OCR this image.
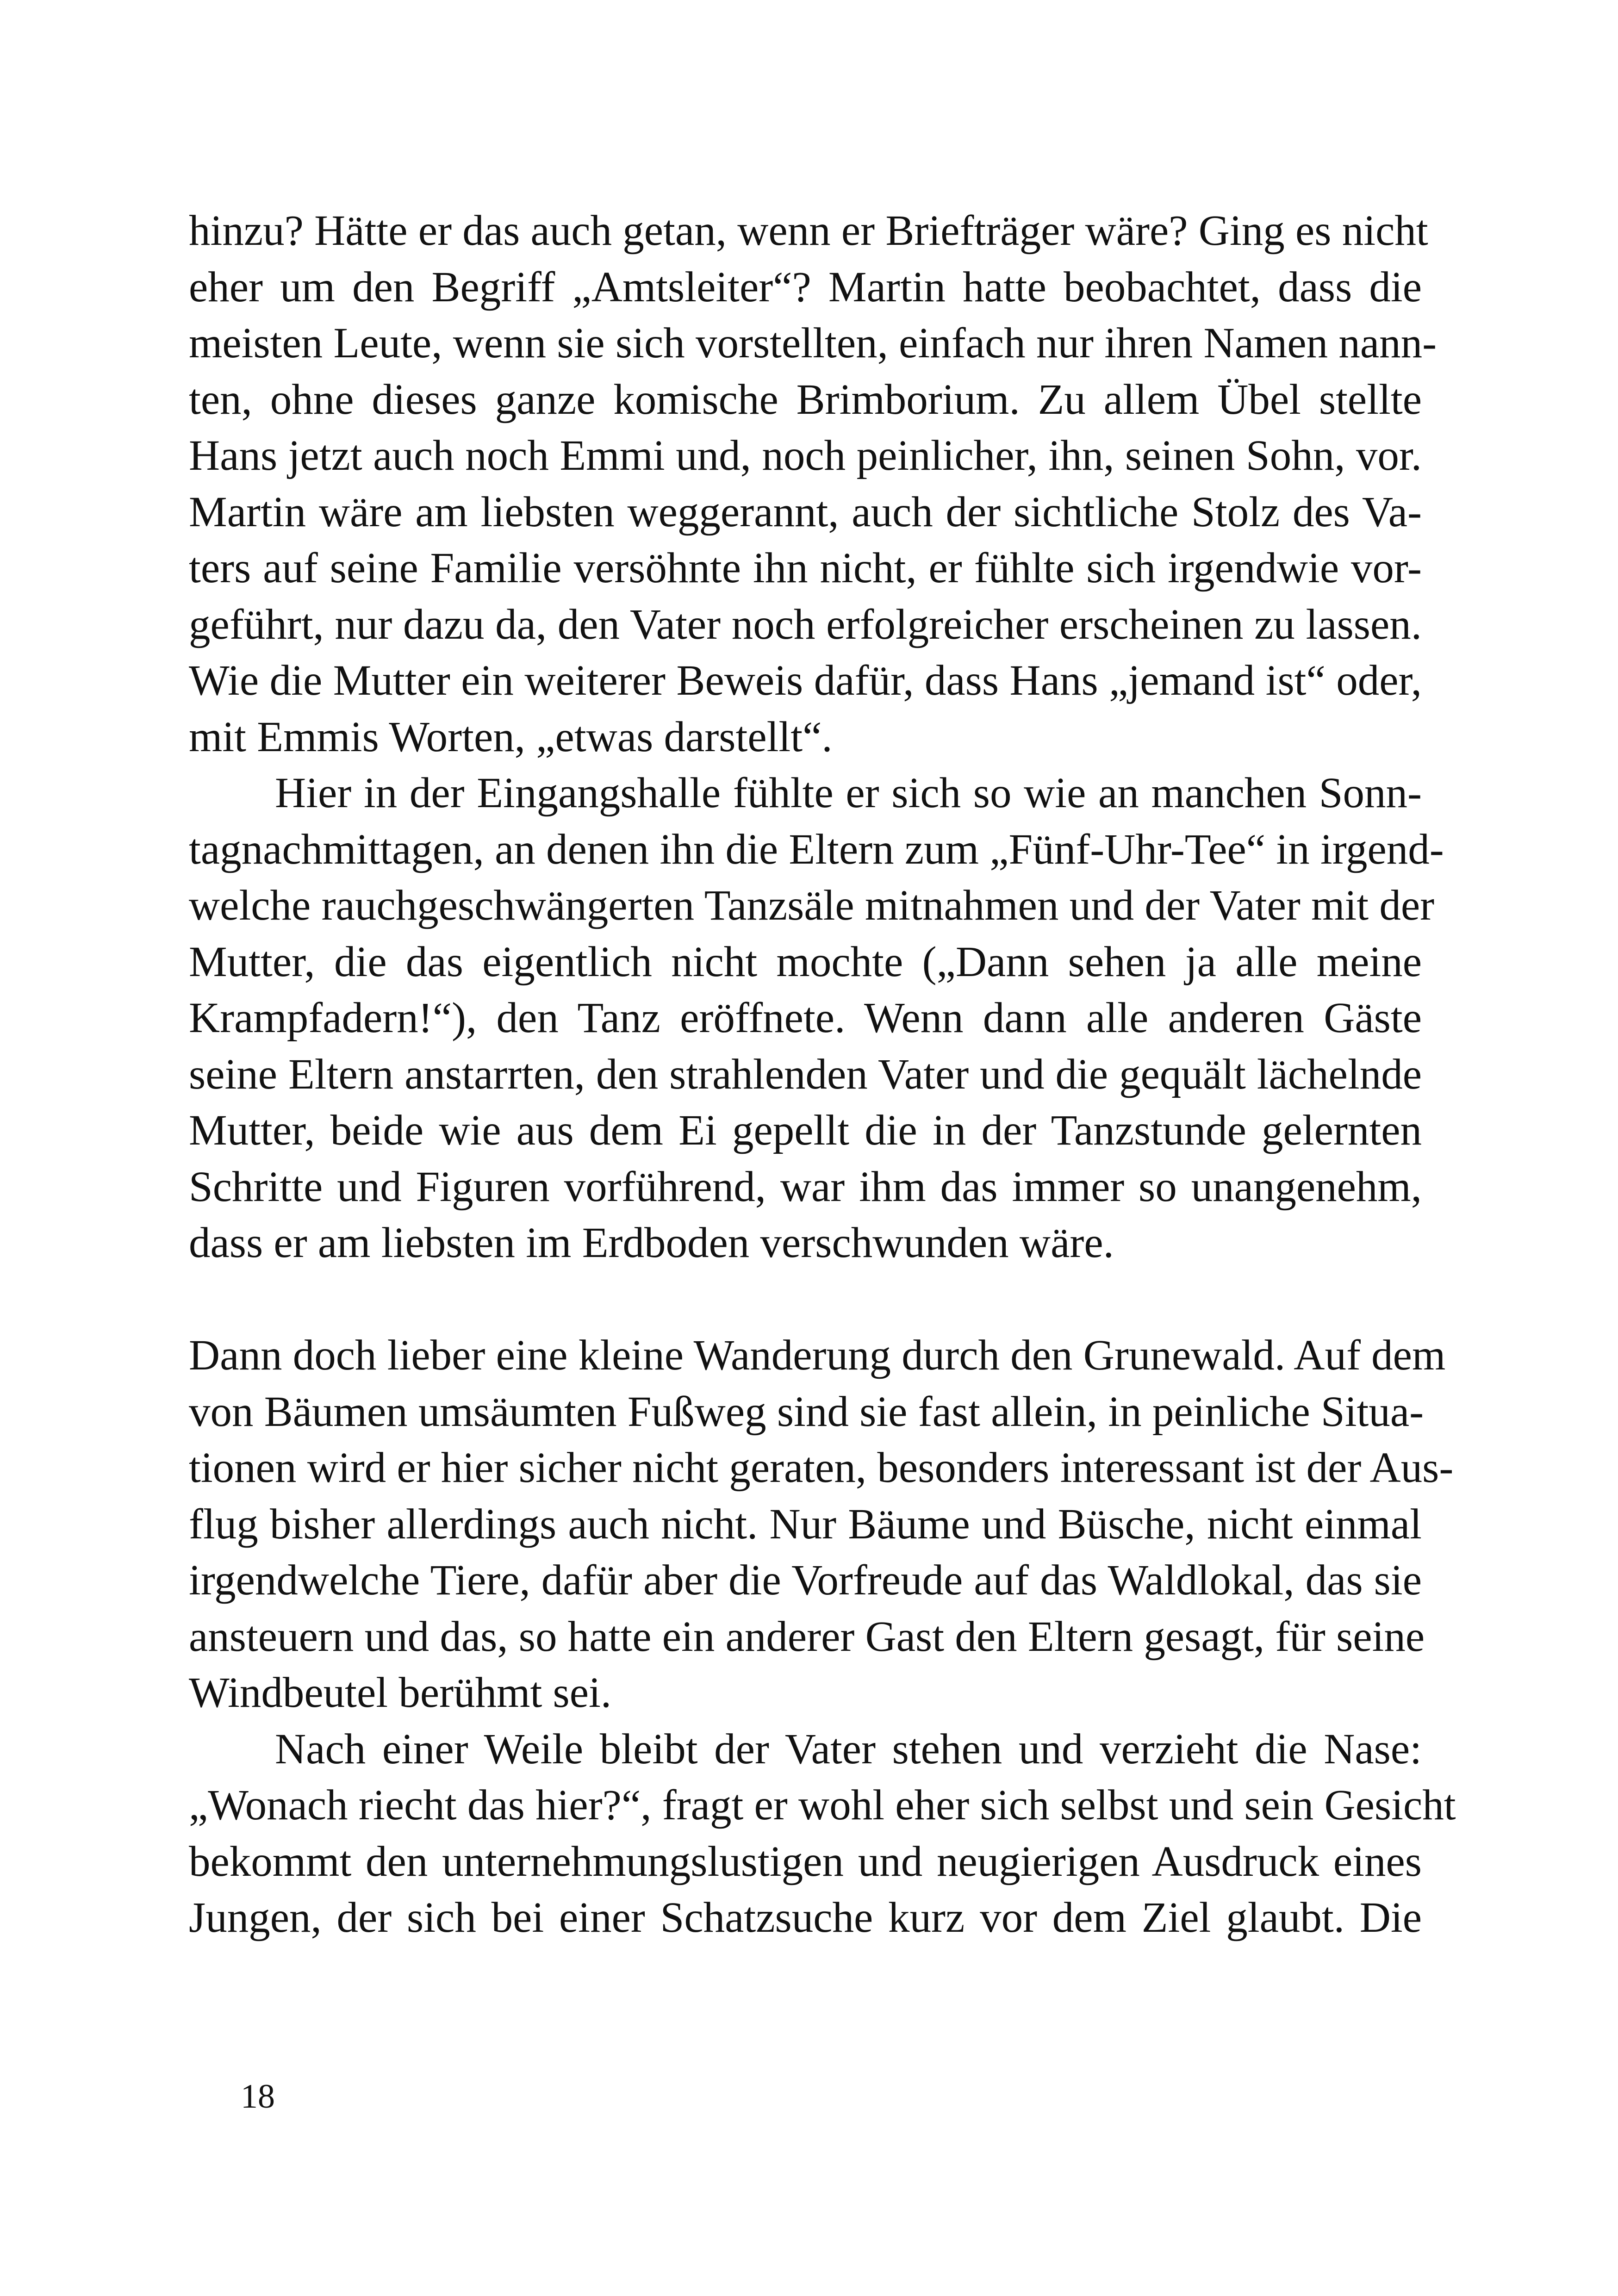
hinzu? Hätte er das auch getan, wenn er Briefträger wäre? Ging es nicht
eher um den Begriff „Amtsleiter“? Martin hatte beobachtet, dass die
meisten Leute, wenn sie sich vorstellten, einfach nur ihren Namen nann-
ten, ohne dieses ganze komische Brimborium. Zu allem Übel stellte
Hans jetzt auch noch Emmi und, noch peinlicher, ihn, seinen Sohn, vor.
Martin wäre am liebsten weggerannt, auch der sichtliche Stolz des Va-
ters auf seine Familie versöhnte ihn nicht, er fühlte sich irgendwie vor-
geführt, nur dazu da, den Vater noch erfolgreicher erscheinen zu lassen.
Wie die Mutter ein weiterer Beweis dafür, dass Hans „jemand ist“ oder,
mit Emmis Worten, „etwas darstellt“.

Hier in der Eingangshalle fühlte er sich so wie an manchen Sonn-
tagnachmittagen, an denen ihn die Eltern zum „Fünf-Uhr-Tee“ in irgend-
welche rauchgeschwängerten Tanzsäle mitnahmen und der Vater mit der
Mutter, die das eigentlich nicht mochte („Dann sehen ja alle meine
Krampfadern!“), den Tanz eröffnete. Wenn dann alle anderen Gäste
seine Eltern anstarrten, den strahlenden Vater und die gequält lächelnde
Mutter, beide wie aus dem Ei gepellt die in der Tanzstunde gelernten
Schritte und Figuren vorführend, war ihm das immer so unangenehm,
dass er am liebsten im Erdboden verschwunden wäre.

Dann doch lieber eine kleine Wanderung durch den Grunewald. Auf dem
von Bäumen umsäumten Fußweg sind sie fast allein, in peinliche Situa-
tionen wird er hier sicher nicht geraten, besonders interessant ist der Aus-
flug bisher allerdings auch nicht. Nur Bäume und Büsche, nicht einmal
irgendwelche Tiere, dafür aber die Vorfreude auf das Waldlokal, das sie
ansteuern und das, so hatte ein anderer Gast den Eltern gesagt, für seine
Windbeutel berühmt sei.

Nach einer Weile bleibt der Vater stehen und verzieht die Nase:
„Wonach riecht das hier?“, fragt er wohl eher sich selbst und sein Gesicht
bekommt den unternehmungslustigen und neugierigen Ausdruck eines
Jungen, der sich bei einer Schatzsuche kurz vor dem Ziel glaubt. Die

18
